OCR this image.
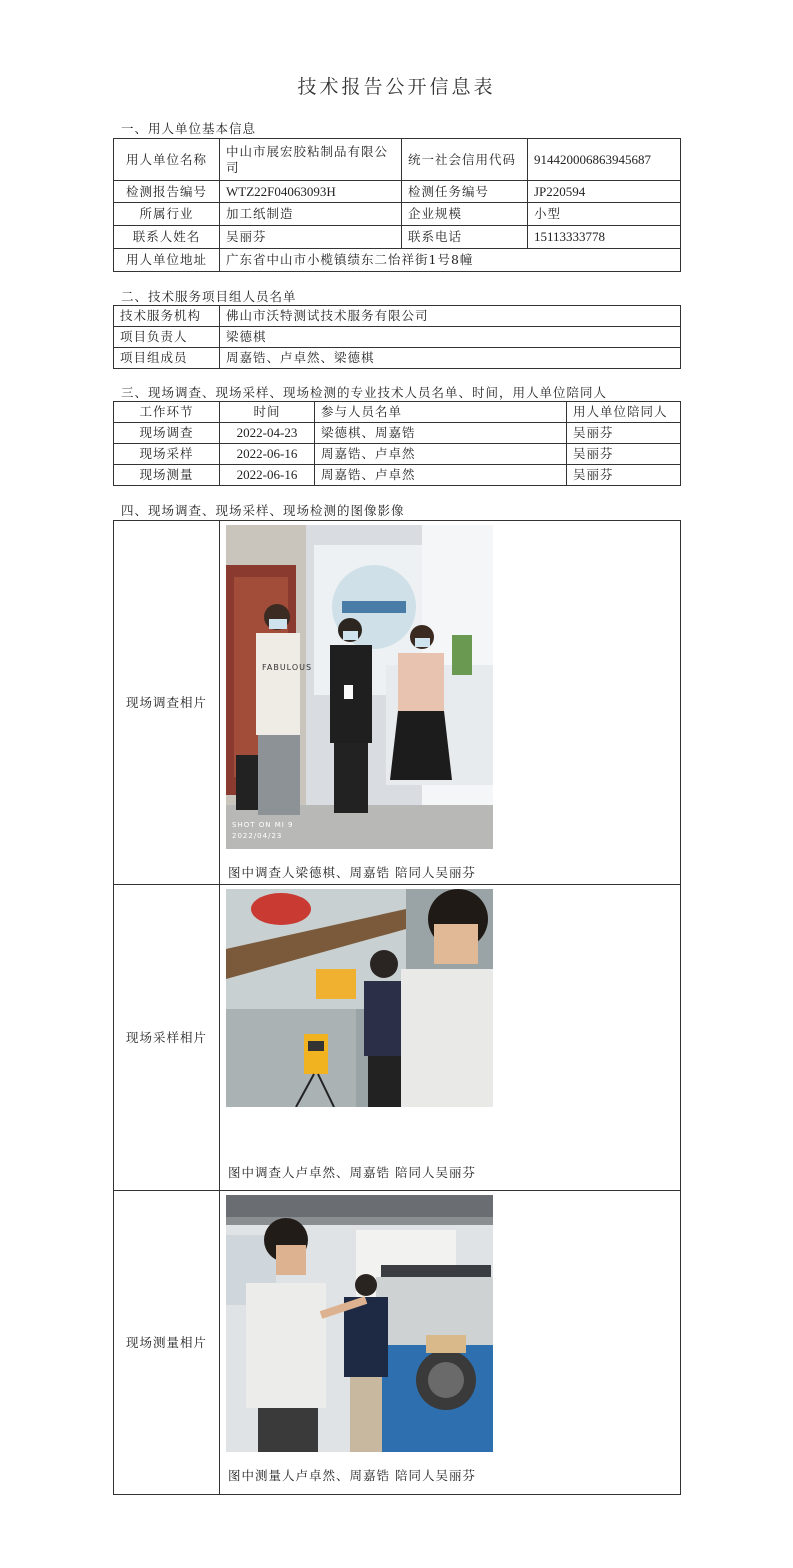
技术报告公开信息表
一、用人单位基本信息
用人单位名称	中山市展宏胶粘制品有限公司	统一社会信用代码	914420006863945687
检测报告编号	WTZ22F04063093H	检测任务编号	JP220594
所属行业	加工纸制造	企业规模	小型
联系人姓名	吴丽芬	联系电话	15113333778
用人单位地址	广东省中山市小榄镇绩东二怡祥街1号8幢		
二、技术服务项目组人员名单
技术服务机构	佛山市沃特测试技术服务有限公司
项目负责人	梁德棋
项目组成员	周嘉锆、卢卓然、梁德棋
三、现场调查、现场采样、现场检测的专业技术人员名单、时间，用人单位陪同人
工作环节	时间	参与人员名单	用人单位陪同人
现场调查	2022-04-23	梁德棋、周嘉锆	吴丽芬
现场采样	2022-06-16	周嘉锆、卢卓然	吴丽芬
现场测量	2022-06-16	周嘉锆、卢卓然	吴丽芬
四、现场调查、现场采样、现场检测的图像影像
现场调查相片	FABULOUS
SHOT ON MI 9
2022/04/23
图中调查人梁德棋、周嘉锆 陪同人吴丽芬

现场采样相片	图中调查人卢卓然、周嘉锆 陪同人吴丽芬

现场测量相片	图中测量人卢卓然、周嘉锆 陪同人吴丽芬
